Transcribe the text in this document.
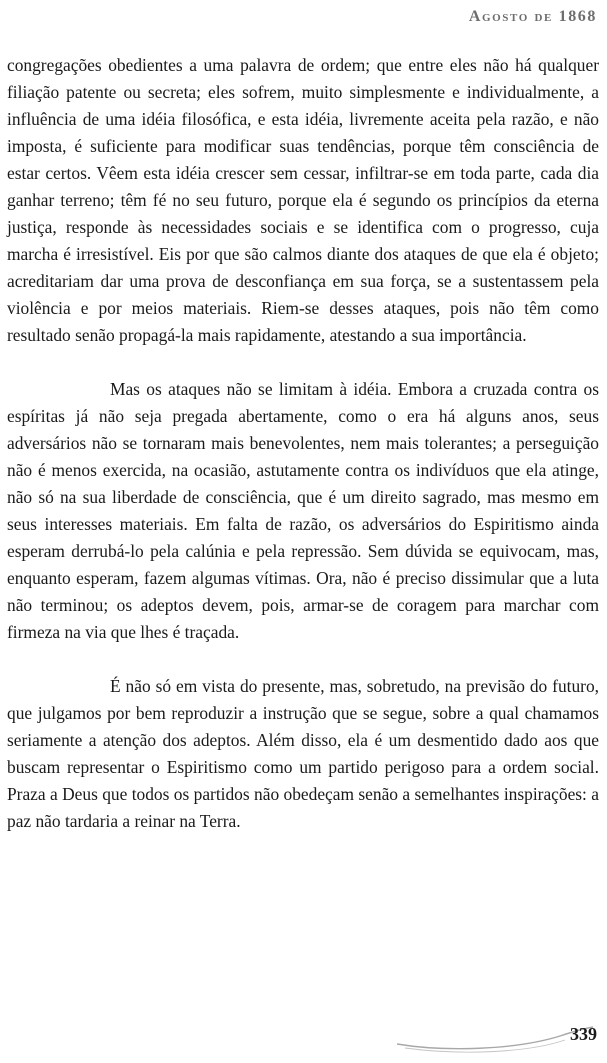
Agosto de 1868

congregações obedientes a uma palavra de ordem; que entre eles não há qualquer filiação patente ou secreta; eles sofrem, muito simplesmente e individualmente, a influência de uma idéia filosófica, e esta idéia, livremente aceita pela razão, e não imposta, é suficiente para modificar suas tendências, porque têm consciência de estar certos. Vêem esta idéia crescer sem cessar, infiltrar-se em toda parte, cada dia ganhar terreno; têm fé no seu futuro, porque ela é segundo os princípios da eterna justiça, responde às necessidades sociais e se identifica com o progresso, cuja marcha é irresistível. Eis por que são calmos diante dos ataques de que ela é objeto; acreditariam dar uma prova de desconfiança em sua força, se a sustentassem pela violência e por meios materiais. Riem-se desses ataques, pois não têm como resultado senão propagá-la mais rapidamente, atestando a sua importância.

Mas os ataques não se limitam à idéia. Embora a cruzada contra os espíritas já não seja pregada abertamente, como o era há alguns anos, seus adversários não se tornaram mais benevolentes, nem mais tolerantes; a perseguição não é menos exercida, na ocasião, astutamente contra os indivíduos que ela atinge, não só na sua liberdade de consciência, que é um direito sagrado, mas mesmo em seus interesses materiais. Em falta de razão, os adversários do Espiritismo ainda esperam derrubá-lo pela calúnia e pela repressão. Sem dúvida se equivocam, mas, enquanto esperam, fazem algumas vítimas. Ora, não é preciso dissimular que a luta não terminou; os adeptos devem, pois, armar-se de coragem para marchar com firmeza na via que lhes é traçada.

É não só em vista do presente, mas, sobretudo, na previsão do futuro, que julgamos por bem reproduzir a instrução que se segue, sobre a qual chamamos seriamente a atenção dos adeptos. Além disso, ela é um desmentido dado aos que buscam representar o Espiritismo como um partido perigoso para a ordem social. Praza a Deus que todos os partidos não obedeçam senão a semelhantes inspirações: a paz não tardaria a reinar na Terra.

339
